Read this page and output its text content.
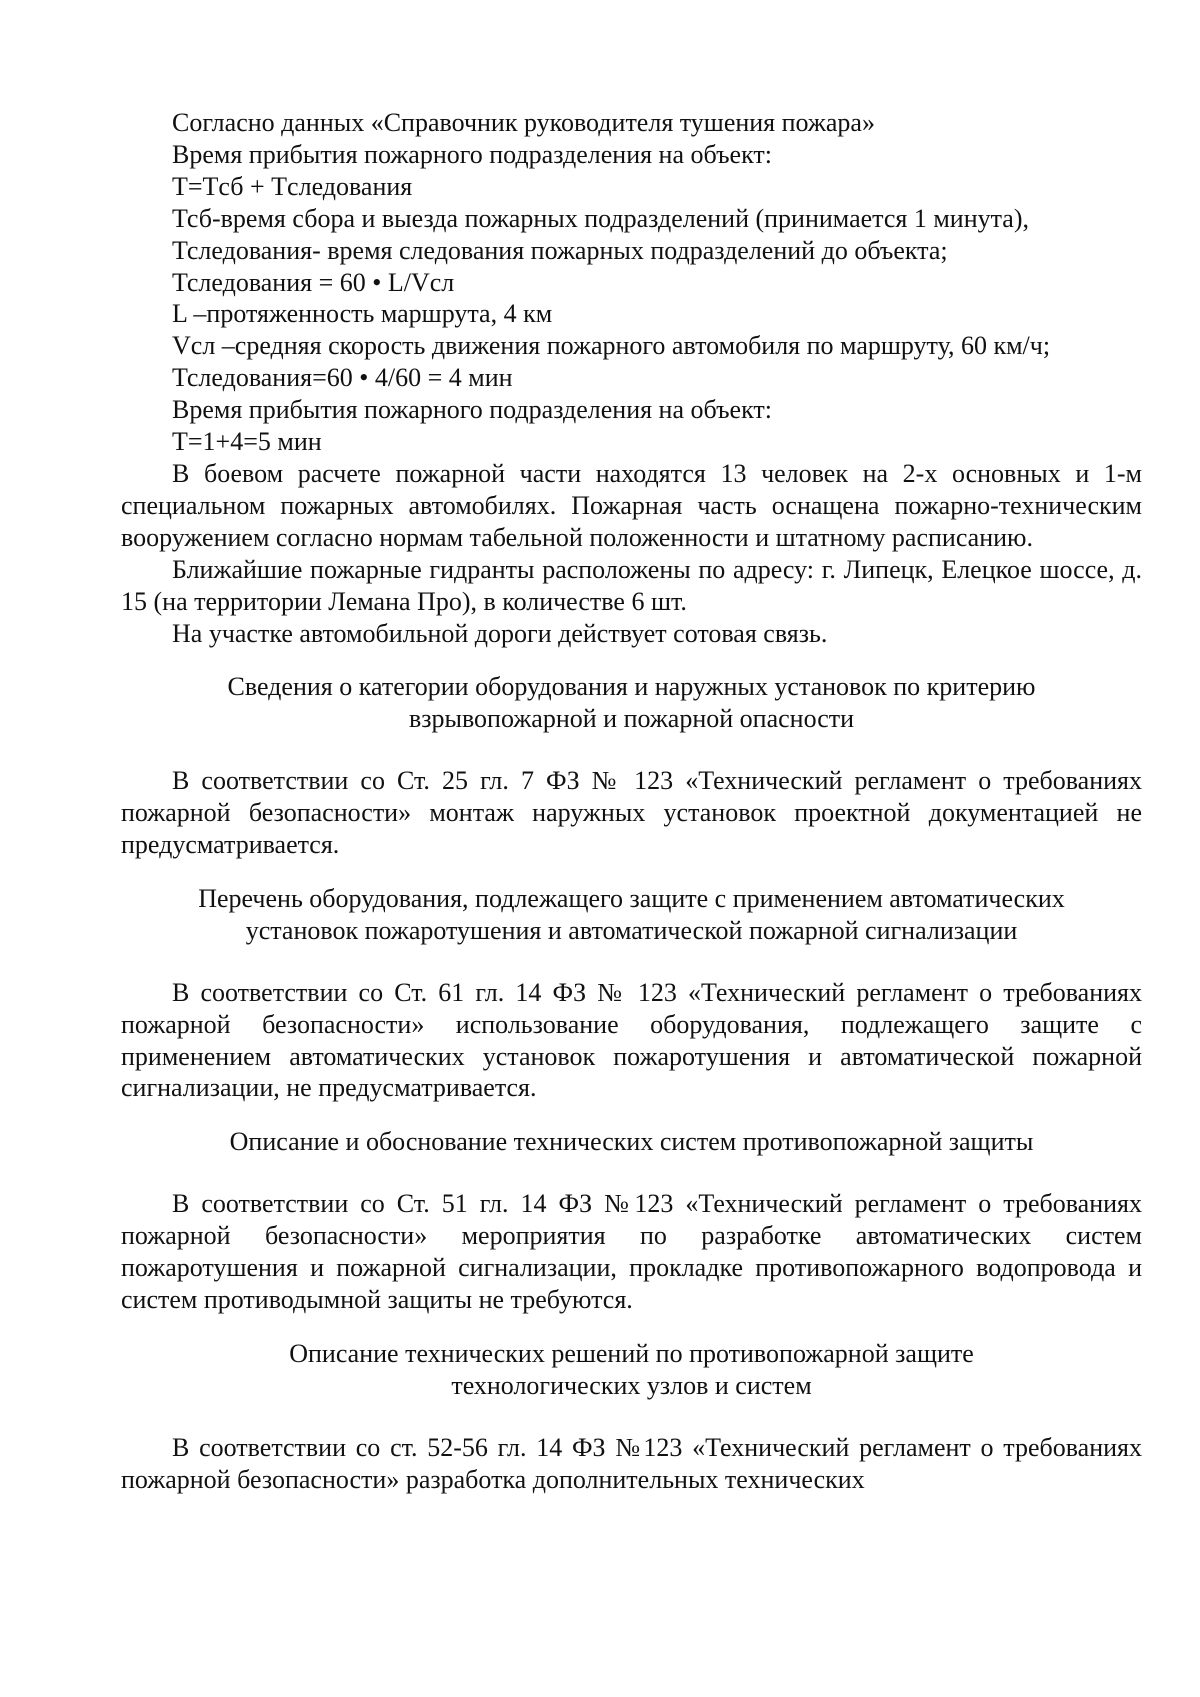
Согласно данных «Справочник руководителя тушения пожара»
Время прибытия пожарного подразделения на объект:
T=Tсб + Tследования
Тсб-время сбора и выезда пожарных подразделений (принимается 1 минута),
Тследования- время следования пожарных подразделений до объекта;
Тследования = 60 • L/Vсл
L –протяженность маршрута, 4 км
Vсл –средняя скорость движения пожарного автомобиля по маршруту, 60 км/ч;
Тследования=60 • 4/60 = 4 мин
Время прибытия пожарного подразделения на объект:
T=1+4=5 мин

В боевом расчете пожарной части находятся 13 человек на 2-х основных и 1-м специальном пожарных автомобилях. Пожарная часть оснащена пожарно-техническим вооружением согласно нормам табельной положенности и штатному расписанию.

Ближайшие пожарные гидранты расположены по адресу: г. Липецк, Елецкое шоссе, д. 15 (на территории Лемана Про), в количестве 6 шт.

На участке автомобильной дороги действует сотовая связь.

Сведения о категории оборудования и наружных установок по критерию
взрывопожарной и пожарной опасности

В соответствии со Ст. 25 гл. 7 ФЗ № 123 «Технический регламент о требованиях пожарной безопасности» монтаж наружных установок проектной документацией не предусматривается.

Перечень оборудования, подлежащего защите с применением автоматических
установок пожаротушения и автоматической пожарной сигнализации

В соответствии со Ст. 61 гл. 14 ФЗ № 123 «Технический регламент о требованиях пожарной безопасности» использование оборудования, подлежащего защите с применением автоматических установок пожаротушения и автоматической пожарной сигнализации, не предусматривается.

Описание и обоснование технических систем противопожарной защиты

В соответствии со Ст. 51 гл. 14 ФЗ №123 «Технический регламент о требованиях пожарной безопасности» мероприятия по разработке автоматических систем пожаротушения и пожарной сигнализации, прокладке противопожарного водопровода и систем противодымной защиты не требуются.

Описание технических решений по противопожарной защите
технологических узлов и систем

В соответствии со ст. 52-56 гл. 14 ФЗ №123 «Технический регламент о требованиях пожарной безопасности» разработка дополнительных технических
